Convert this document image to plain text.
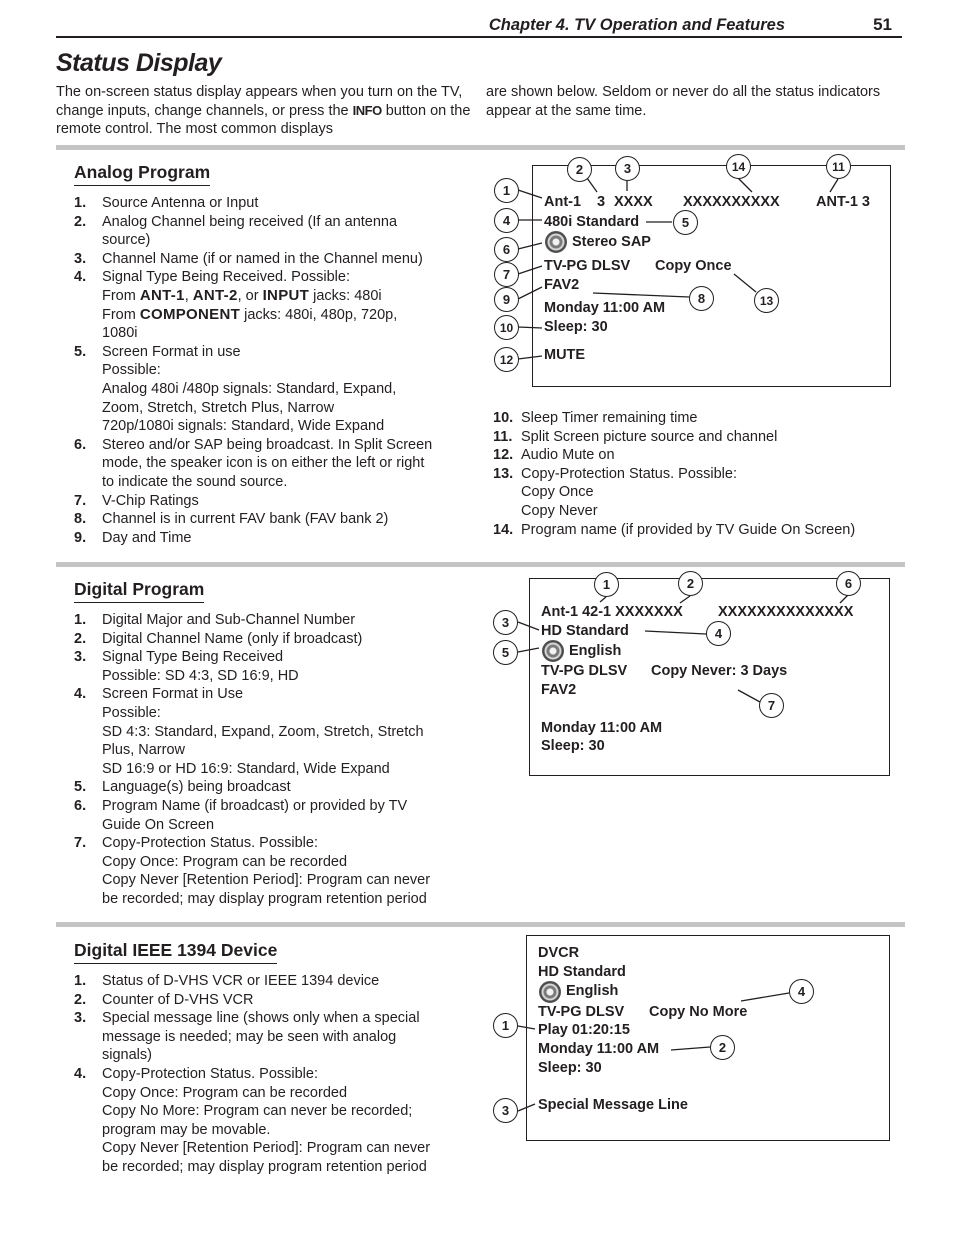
Chapter 4. TV Operation and Features	51
Status Display

The on-screen status display appears when you turn on the TV, change inputs, change channels, or press the INFO button on the remote control. The most common displays

are shown below. Seldom or never do all the status indicators appear at the same time.

Analog Program
1. Source Antenna or Input
2. Analog Channel being received (If an antenna
source)
3. Channel Name (if or named in the Channel menu)
4. Signal Type Being Received. Possible:
From ANT-1, ANT-2, or INPUT jacks: 480i
From COMPONENT jacks: 480i, 480p, 720p,
1080i
5. Screen Format in use
Possible:
Analog 480i /480p signals: Standard, Expand,
Zoom, Stretch, Stretch Plus, Narrow
720p/1080i signals: Standard, Wide Expand
6. Stereo and/or SAP being broadcast. In Split Screen
mode, the speaker icon is on either the left or right
to indicate the sound source.
7. V-Chip Ratings
8. Channel is in current FAV bank (FAV bank 2)
9. Day and Time
10. Sleep Timer remaining time
11. Split Screen picture source and channel
12. Audio Mute on
13. Copy-Protection Status. Possible:
Copy Once
Copy Never
14. Program name (if provided by TV Guide On Screen)
Ant-1 3 XXXX XXXXXXXXXX	ANT-1 3
480i Standard
Stereo SAP
TV-PG DLSV Copy Once
FAV2
Monday 11:00 AM
Sleep: 30
MUTE
Digital Program
1. Digital Major and Sub-Channel Number
2. Digital Channel Name (only if broadcast)
3. Signal Type Being Received
Possible: SD 4:3, SD 16:9, HD
4. Screen Format in Use
Possible:
SD 4:3: Standard, Expand, Zoom, Stretch, Stretch
Plus, Narrow
SD 16:9 or HD 16:9: Standard, Wide Expand
5. Language(s) being broadcast
6. Program Name (if broadcast) or provided by TV
Guide On Screen
7. Copy-Protection Status. Possible:
Copy Once: Program can be recorded
Copy Never [Retention Period]: Program can never
be recorded; may display program retention period
Ant-1 42-1 XXXXXXX XXXXXXXXXXXXXX
HD Standard
English
TV-PG DLSV Copy Never: 3 Days
FAV2
Monday 11:00 AM
Sleep: 30
Digital IEEE 1394 Device
1. Status of D-VHS VCR or IEEE 1394 device
2. Counter of D-VHS VCR
3. Special message line (shows only when a special
message is needed; may be seen with analog
signals)
4. Copy-Protection Status. Possible:
Copy Once: Program can be recorded
Copy No More: Program can never be recorded;
program may be movable.
Copy Never [Retention Period]: Program can never
be recorded; may display program retention period
DVCR
HD Standard
English
TV-PG DLSV Copy No More
Play 01:20:15
Monday 11:00 AM
Sleep: 30
Special Message Line
1
2	3
4	5
6
7
8
9
10
11
12
13
14
1	2
3
4
5
6
7
1
2
3
4
